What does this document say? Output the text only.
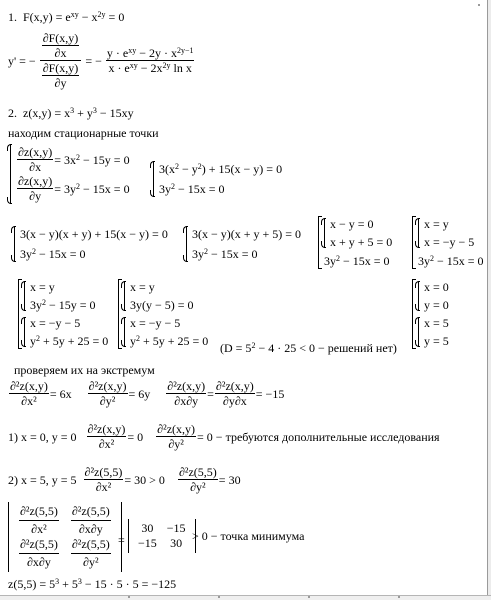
1. $F(x,y) = e^{xy} - x^{2y} = 0$
y' = − $\frac{\frac{\partial F(x,y)}{\partial x}}{\frac{\partial F(x,y)}{\partial y}}$ = − $\frac{y \cdot e^{xy} - 2y \cdot x^{2y-1}}{x \cdot e^{xy} - 2x^{2y} \ln x}$
2. $z(x,y) = x^3 + y^3 - 15xy$
находим стационарные точки
$\frac{\partial z(x,y)}{\partial x} = 3x^2 - 15y = 0$
$\frac{\partial z(x,y)}{\partial y} = 3y^2 - 15x = 0$
$3(x^2 - y^2) + 15(x - y) = 0$
$3y^2 - 15x = 0$
3(x − y)(x + y) + 15(x − y) = 0
$3y^2 - 15x = 0$
3(x − y)(x + y + 5) = 0
$3y^2 - 15x = 0$
x − y = 0
x + y + 5 = 0
$3y^2 - 15x = 0$
x = y
x = −y − 5
$3y^2 - 15x = 0$
x = y
$3y^2 - 15y = 0$
x = −y − 5
$y^2 + 5y + 25 = 0$
x = y
3y(y − 5) = 0
x = −y − 5
$y^2 + 5y + 25 = 0$ ($D = 5^2 - 4 \cdot 25 < 0$ − решений нет)
x = 0
y = 0
x = 5
y = 5
проверяем их на экстремум
$\frac{\text{∂²z(x,y)}}{\text{∂x²}} = 6x \frac{\text{∂²z(x,y)}}{\text{∂y²}} = 6y \frac{\text{∂²z(x,y)}}{\partial x\partial y} = \frac{\text{∂²z(x,y)}}{\partial y\partial x} = -15$
1) x = 0, $y = 0 \frac{\text{∂²z(x,y)}}{\text{∂x²}} = 0 \frac{\text{∂²z(x,y)}}{\text{∂y²}} = 0$ − требуются дополнительные исследования
2) x = 5, $y = 5 \frac{\text{∂²z(5,5)}}{\text{∂x²}} = 30 > 0 \frac{\text{∂²z(5,5)}}{\text{∂y²}} = 30$
$\frac{\text{∂²z(5,5)}}{\text{∂x²}}$	$\frac{\text{∂²z(5,5)}}{\partial x\partial y}$

$\frac{\text{∂²z(5,5)}}{\partial x\partial y}$	$\frac{\text{∂²z(5,5)}}{\text{∂y²}}$ =
30	−15
−15	30 > 0 − точка минимума
$z(5,5) = 5^3 + 5^3 - 15 \cdot 5 \cdot 5 = -125$
